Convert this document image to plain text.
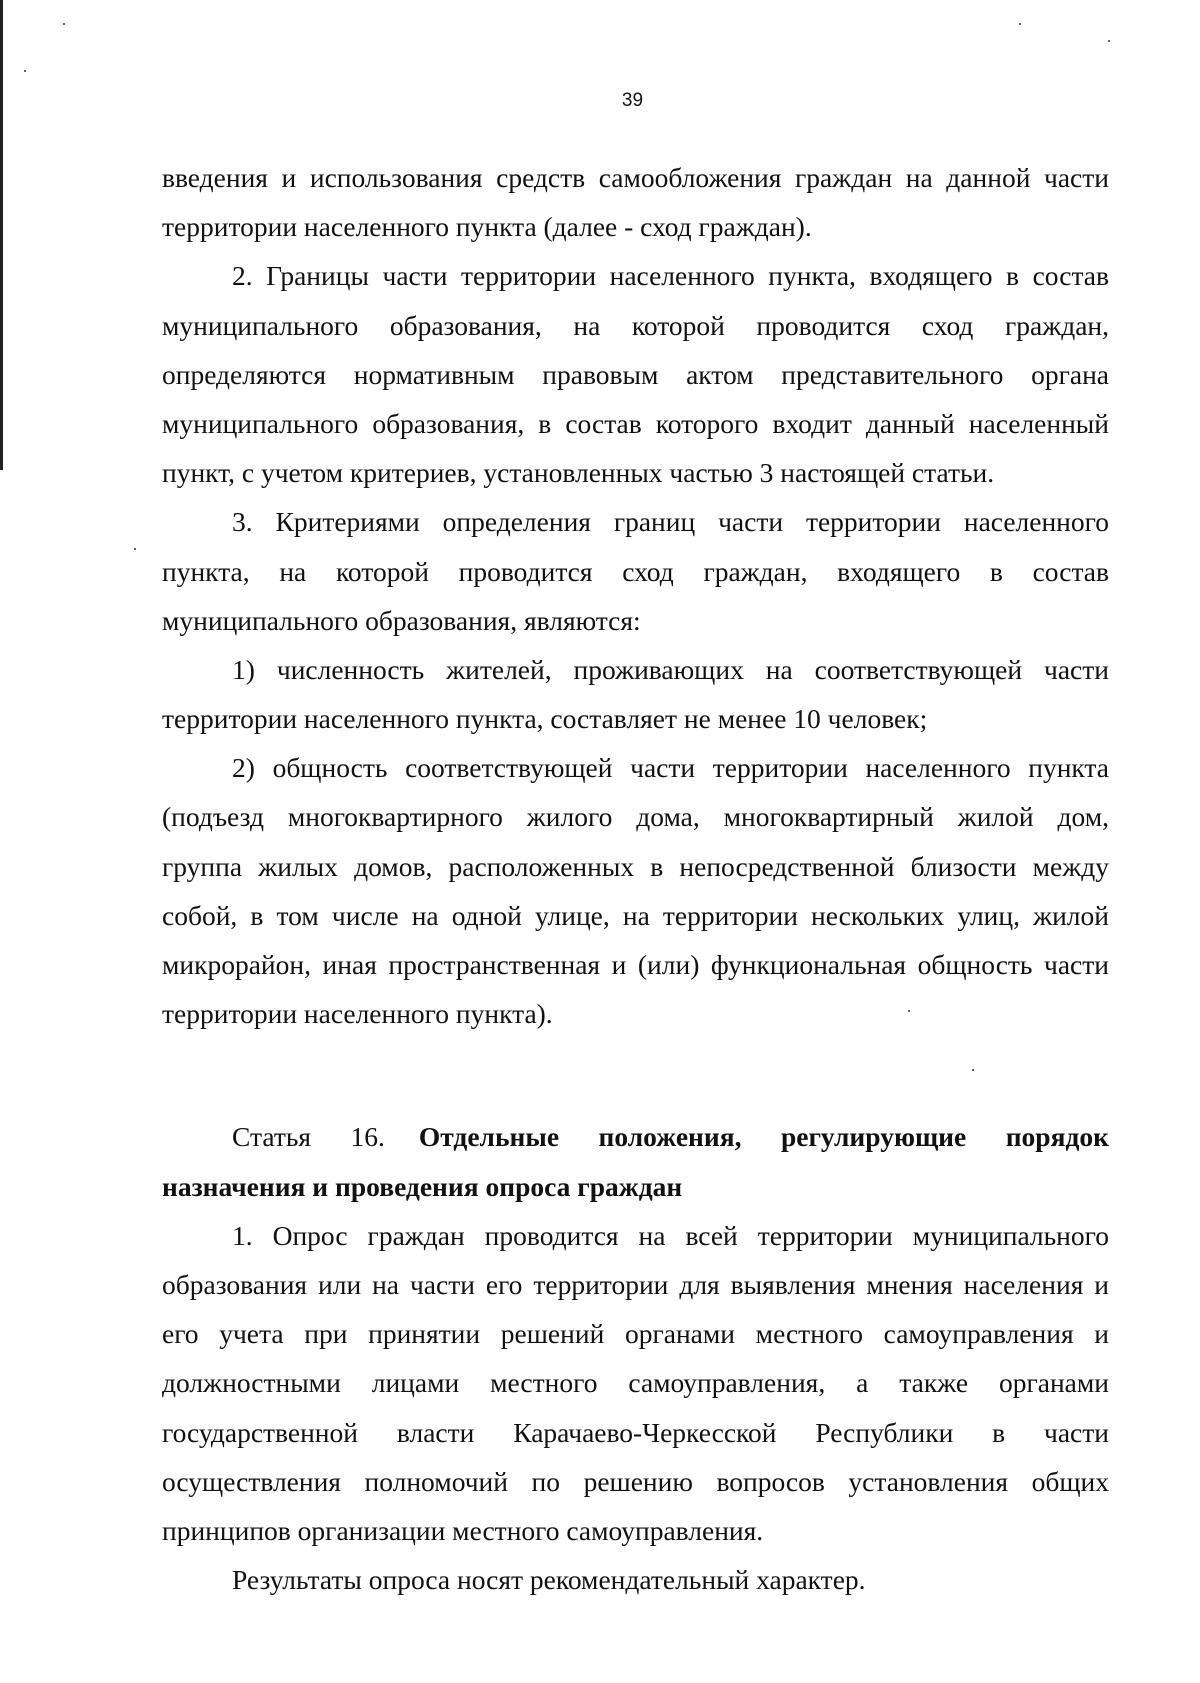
39
введения и использования средств самообложения граждан на данной части
территории населенного пункта (далее - сход граждан).
2. Границы части территории населенного пункта, входящего в состав
муниципального образования, на которой проводится сход граждан,
определяются нормативным правовым актом представительного органа
муниципального образования, в состав которого входит данный населенный
пункт, с учетом критериев, установленных частью 3 настоящей статьи.
3. Критериями определения границ части территории населенного
пункта, на которой проводится сход граждан, входящего в состав
муниципального образования, являются:
1) численность жителей, проживающих на соответствующей части
территории населенного пункта, составляет не менее 10 человек;
2) общность соответствующей части территории населенного пункта
(подъезд многоквартирного жилого дома, многоквартирный жилой дом,
группа жилых домов, расположенных в непосредственной близости между
собой, в том числе на одной улице, на территории нескольких улиц, жилой
микрорайон, иная пространственная и (или) функциональная общность части
территории населенного пункта).
Статья 16. Отдельные положения, регулирующие порядок
назначения и проведения опроса граждан
1. Опрос граждан проводится на всей территории муниципального
образования или на части его территории для выявления мнения населения и
его учета при принятии решений органами местного самоуправления и
должностными лицами местного самоуправления, а также органами
государственной власти Карачаево-Черкесской Республики в части
осуществления полномочий по решению вопросов установления общих
принципов организации местного самоуправления.
Результаты опроса носят рекомендательный характер.
